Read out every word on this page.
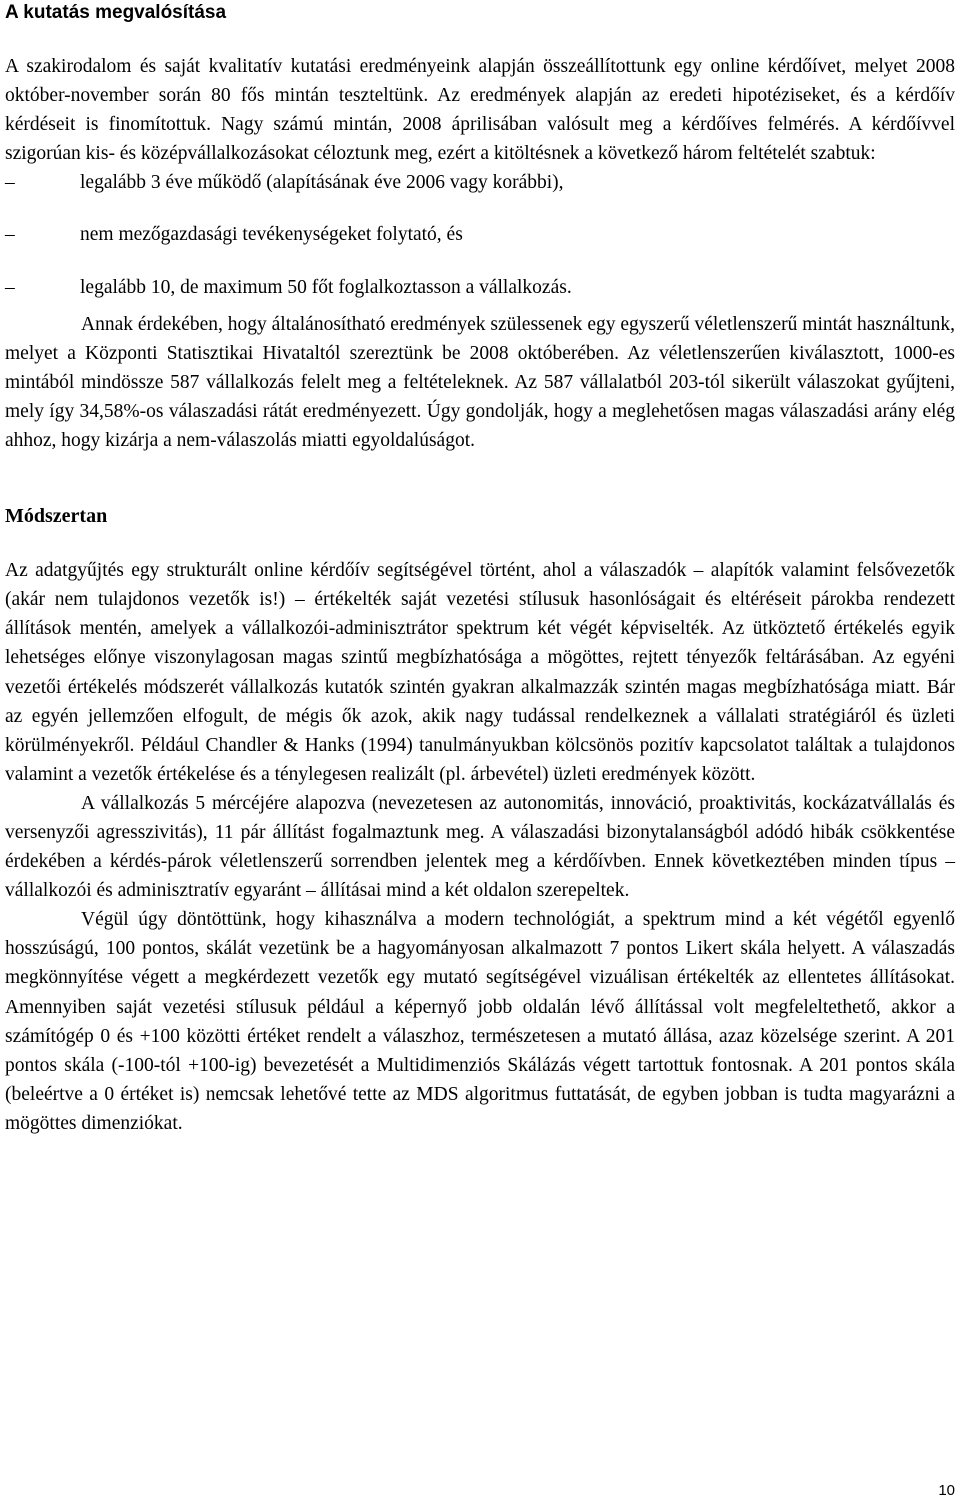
A kutatás megvalósítása

A szakirodalom és saját kvalitatív kutatási eredményeink alapján összeállítottunk egy online kérdőívet, melyet 2008 október-november során 80 fős mintán teszteltünk. Az eredmények alapján az eredeti hipotéziseket, és a kérdőív kérdéseit is finomítottuk. Nagy számú mintán, 2008 áprilisában valósult meg a kérdőíves felmérés. A kérdőívvel szigorúan kis- és középvállalkozásokat céloztunk meg, ezért a kitöltésnek a következő három feltételét szabtuk:

–	legalább 3 éve működő (alapításának éve 2006 vagy korábbi),
–	nem mezőgazdasági tevékenységeket folytató, és
–	legalább 10, de maximum 50 főt foglalkoztasson a vállalkozás.

Annak érdekében, hogy általánosítható eredmények szülessenek egy egyszerű véletlenszerű mintát használtunk, melyet a Központi Statisztikai Hivataltól szereztünk be 2008 októberében. Az véletlenszerűen kiválasztott, 1000-es mintából mindössze 587 vállalkozás felelt meg a feltételeknek. Az 587 vállalatból 203-tól sikerült válaszokat gyűjteni, mely így 34,58%-os válaszadási rátát eredményezett. Úgy gondolják, hogy a meglehetősen magas válaszadási arány elég ahhoz, hogy kizárja a nem-válaszolás miatti egyoldalúságot.

Módszertan

Az adatgyűjtés egy strukturált online kérdőív segítségével történt, ahol a válaszadók – alapítók valamint felsővezetők (akár nem tulajdonos vezetők is!) – értékelték saját vezetési stílusuk hasonlóságait és eltéréseit párokba rendezett állítások mentén, amelyek a vállalkozói-adminisztrátor spektrum két végét képviselték. Az ütköztető értékelés egyik lehetséges előnye viszonylagosan magas szintű megbízhatósága a mögöttes, rejtett tényezők feltárásában. Az egyéni vezetői értékelés módszerét vállalkozás kutatók szintén gyakran alkalmazzák szintén magas megbízhatósága miatt. Bár az egyén jellemzően elfogult, de mégis ők azok, akik nagy tudással rendelkeznek a vállalati stratégiáról és üzleti körülményekről. Például Chandler & Hanks (1994) tanulmányukban kölcsönös pozitív kapcsolatot találtak a tulajdonos valamint a vezetők értékelése és a ténylegesen realizált (pl. árbevétel) üzleti eredmények között.

A vállalkozás 5 mércéjére alapozva (nevezetesen az autonomitás, innováció, proaktivitás, kockázatvállalás és versenyzői agresszivitás), 11 pár állítást fogalmaztunk meg. A válaszadási bizonytalanságból adódó hibák csökkentése érdekében a kérdés-párok véletlenszerű sorrendben jelentek meg a kérdőívben. Ennek következtében minden típus – vállalkozói és adminisztratív egyaránt – állításai mind a két oldalon szerepeltek.

Végül úgy döntöttünk, hogy kihasználva a modern technológiát, a spektrum mind a két végétől egyenlő hosszúságú, 100 pontos, skálát vezetünk be a hagyományosan alkalmazott 7 pontos Likert skála helyett. A válaszadás megkönnyítése végett a megkérdezett vezetők egy mutató segítségével vizuálisan értékelték az ellentetes állításokat. Amennyiben saját vezetési stílusuk például a képernyő jobb oldalán lévő állítással volt megfeleltethető, akkor a számítógép 0 és +100 közötti értéket rendelt a válaszhoz, természetesen a mutató állása, azaz közelsége szerint. A 201 pontos skála (-100-tól +100-ig) bevezetését a Multidimenziós Skálázás végett tartottuk fontosnak. A 201 pontos skála (beleértve a 0 értéket is) nemcsak lehetővé tette az MDS algoritmus futtatását, de egyben jobban is tudta magyarázni a mögöttes dimenziókat.

10
